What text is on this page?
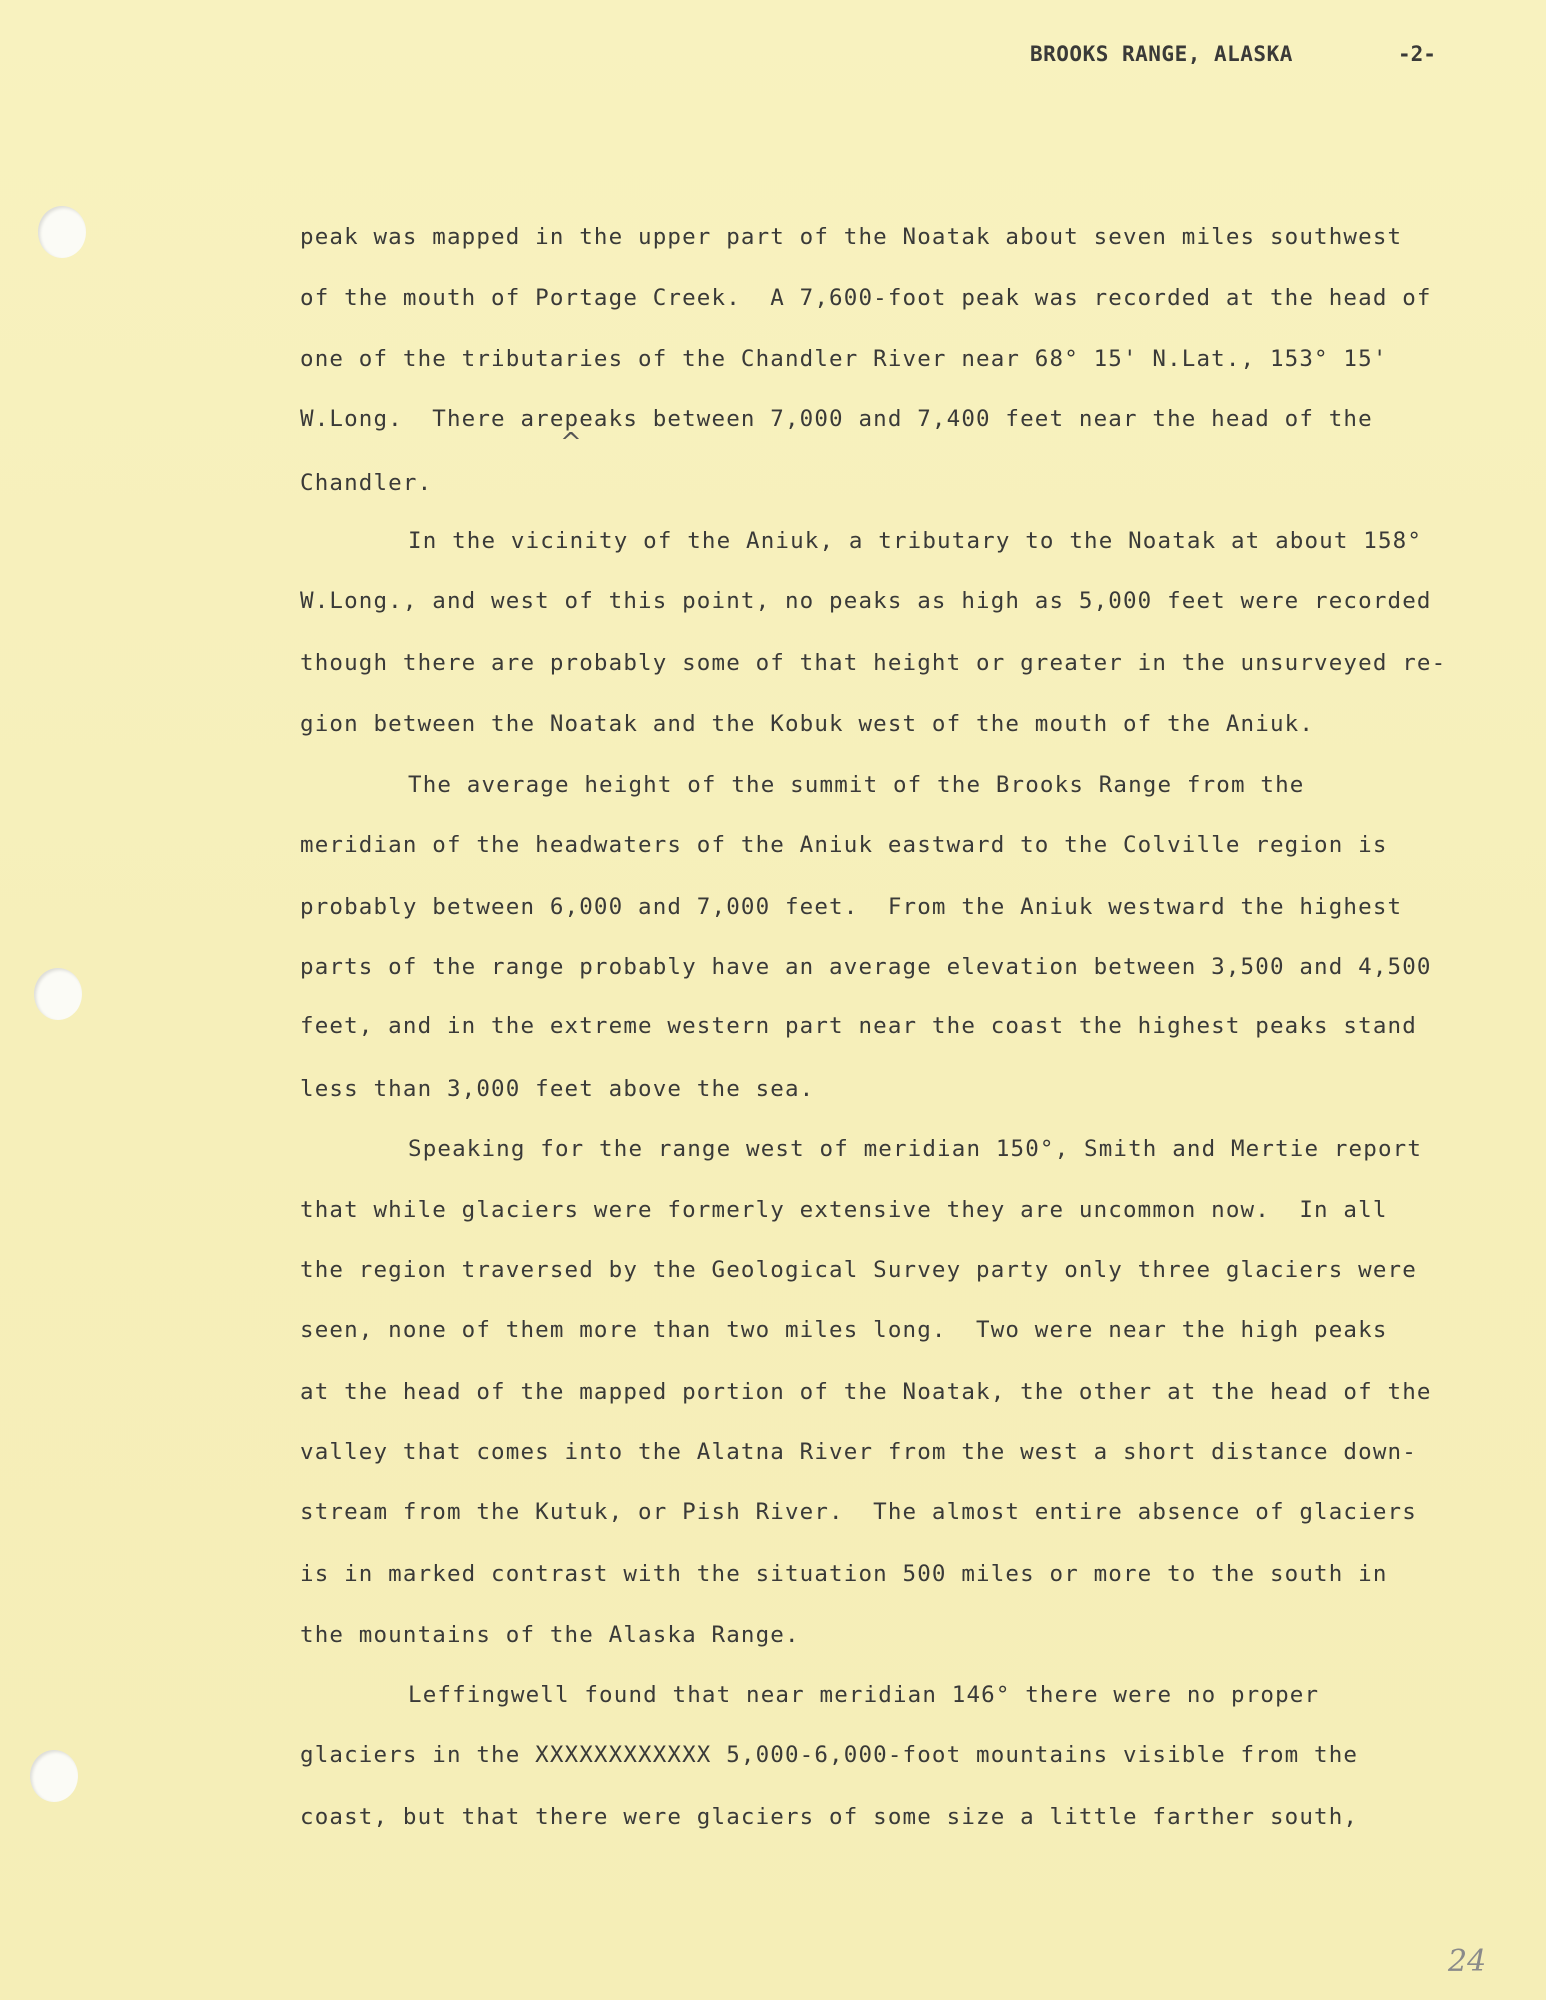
BROOKS RANGE, ALASKA	-2-
peak was mapped in the upper part of the Noatak about seven miles southwest
of the mouth of Portage Creek.  A 7,600-foot peak was recorded at the head of
one of the tributaries of the Chandler River near 68° 15' N.Lat., 153° 15'
W.Long.  There arepeaks between 7,000 and 7,400 feet near the head of the
Chandler.
In the vicinity of the Aniuk, a tributary to the Noatak at about 158°
W.Long., and west of this point, no peaks as high as 5,000 feet were recorded
though there are probably some of that height or greater in the unsurveyed re-
gion between the Noatak and the Kobuk west of the mouth of the Aniuk.
The average height of the summit of the Brooks Range from the
meridian of the headwaters of the Aniuk eastward to the Colville region is
probably between 6,000 and 7,000 feet.  From the Aniuk westward the highest
parts of the range probably have an average elevation between 3,500 and 4,500
feet, and in the extreme western part near the coast the highest peaks stand
less than 3,000 feet above the sea.
Speaking for the range west of meridian 150°, Smith and Mertie report
that while glaciers were formerly extensive they are uncommon now.  In all
the region traversed by the Geological Survey party only three glaciers were
seen, none of them more than two miles long.  Two were near the high peaks
at the head of the mapped portion of the Noatak, the other at the head of the
valley that comes into the Alatna River from the west a short distance down-
stream from the Kutuk, or Pish River.  The almost entire absence of glaciers
is in marked contrast with the situation 500 miles or more to the south in
the mountains of the Alaska Range.
Leffingwell found that near meridian 146° there were no proper
glaciers in the XXXXXXXXXXXX 5,000-6,000-foot mountains visible from the
coast, but that there were glaciers of some size a little farther south,
^
24
